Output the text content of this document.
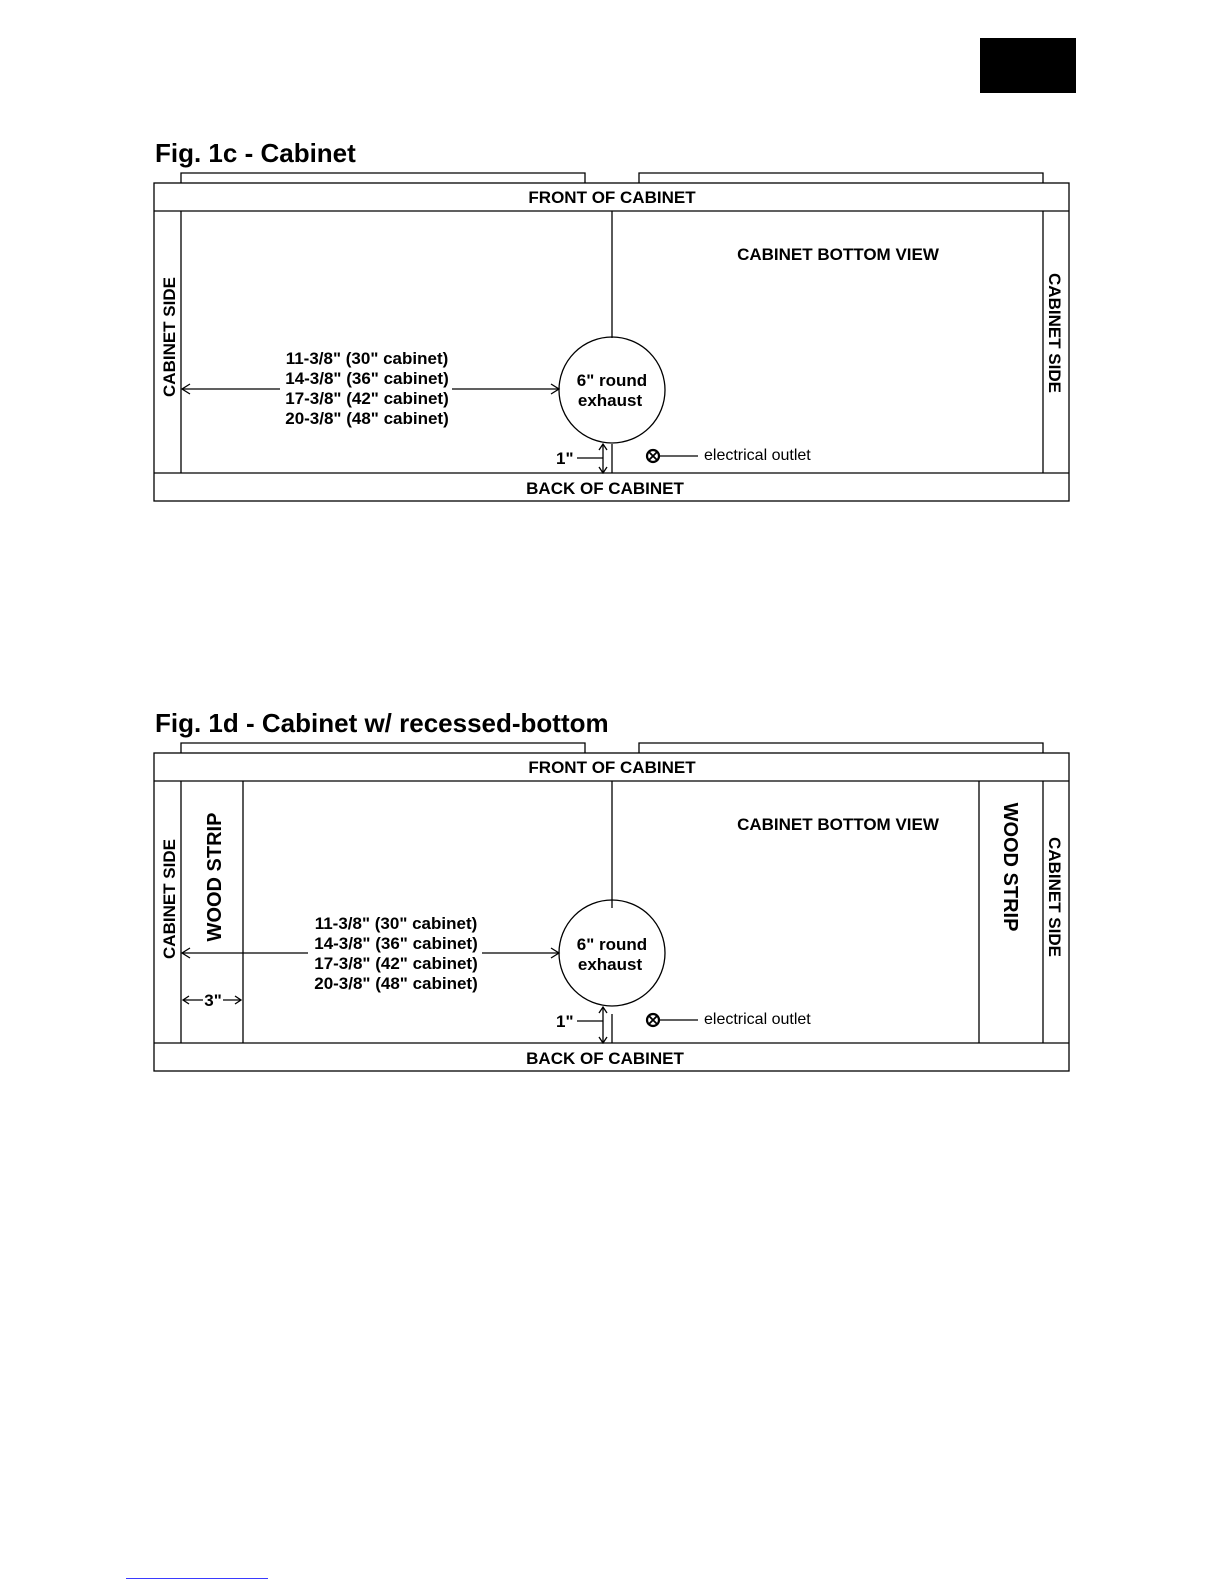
Fig. 1c - Cabinet
FRONT OF CABINET
BACK OF CABINET
CABINET BOTTOM VIEW
CABINET SIDE	CABINET SIDE
11-3/8" (30" cabinet)
14-3/8" (36" cabinet)
17-3/8" (42" cabinet)
20-3/8" (48" cabinet)
6" round
exhaust
1"	electrical outlet
Fig. 1d - Cabinet w/ recessed-bottom
FRONT OF CABINET
BACK OF CABINET
CABINET BOTTOM VIEW
CABINET SIDE	CABINET SIDE
WOOD STRIP	WOOD STRIP
11-3/8" (30" cabinet)
14-3/8" (36" cabinet)
17-3/8" (42" cabinet)
20-3/8" (48" cabinet)
3"
6" round
exhaust
1"	electrical outlet
